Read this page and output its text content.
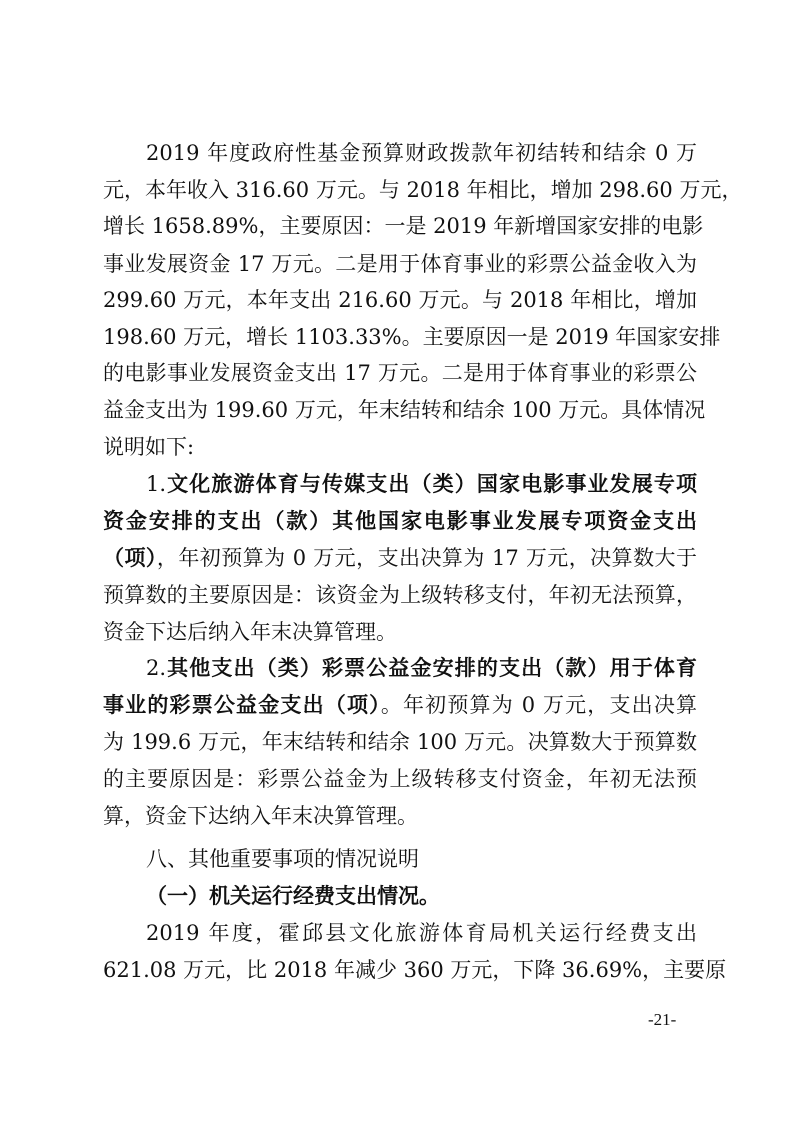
2019 年度政府性基金预算财政拨款年初结转和结余 0 万
元，本年收入 316.60 万元。与 2018 年相比，增加 298.60 万元，
增长 1658.89%，主要原因：一是 2019 年新增国家安排的电影
事业发展资金 17 万元。二是用于体育事业的彩票公益金收入为
299.60 万元，本年支出 216.60 万元。与 2018 年相比，增加
198.60 万元，增长 1103.33%。主要原因一是 2019 年国家安排
的电影事业发展资金支出 17 万元。二是用于体育事业的彩票公
益金支出为 199.60 万元，年末结转和结余 100 万元。具体情况
说明如下:
1.文化旅游体育与传媒支出（类）国家电影事业发展专项
资金安排的支出（款）其他国家电影事业发展专项资金支出
（项），年初预算为 0 万元，支出决算为 17 万元，决算数大于
预算数的主要原因是：该资金为上级转移支付，年初无法预算，
资金下达后纳入年末决算管理。
2.其他支出（类）彩票公益金安排的支出（款）用于体育
事业的彩票公益金支出（项）。年初预算为 0 万元，支出决算
为 199.6 万元，年末结转和结余 100 万元。决算数大于预算数
的主要原因是：彩票公益金为上级转移支付资金，年初无法预
算，资金下达纳入年末决算管理。
八、其他重要事项的情况说明
（一）机关运行经费支出情况。
2019 年度，霍邱县文化旅游体育局机关运行经费支出
621.08 万元，比 2018 年减少 360 万元，下降 36.69%，主要原
-21-
